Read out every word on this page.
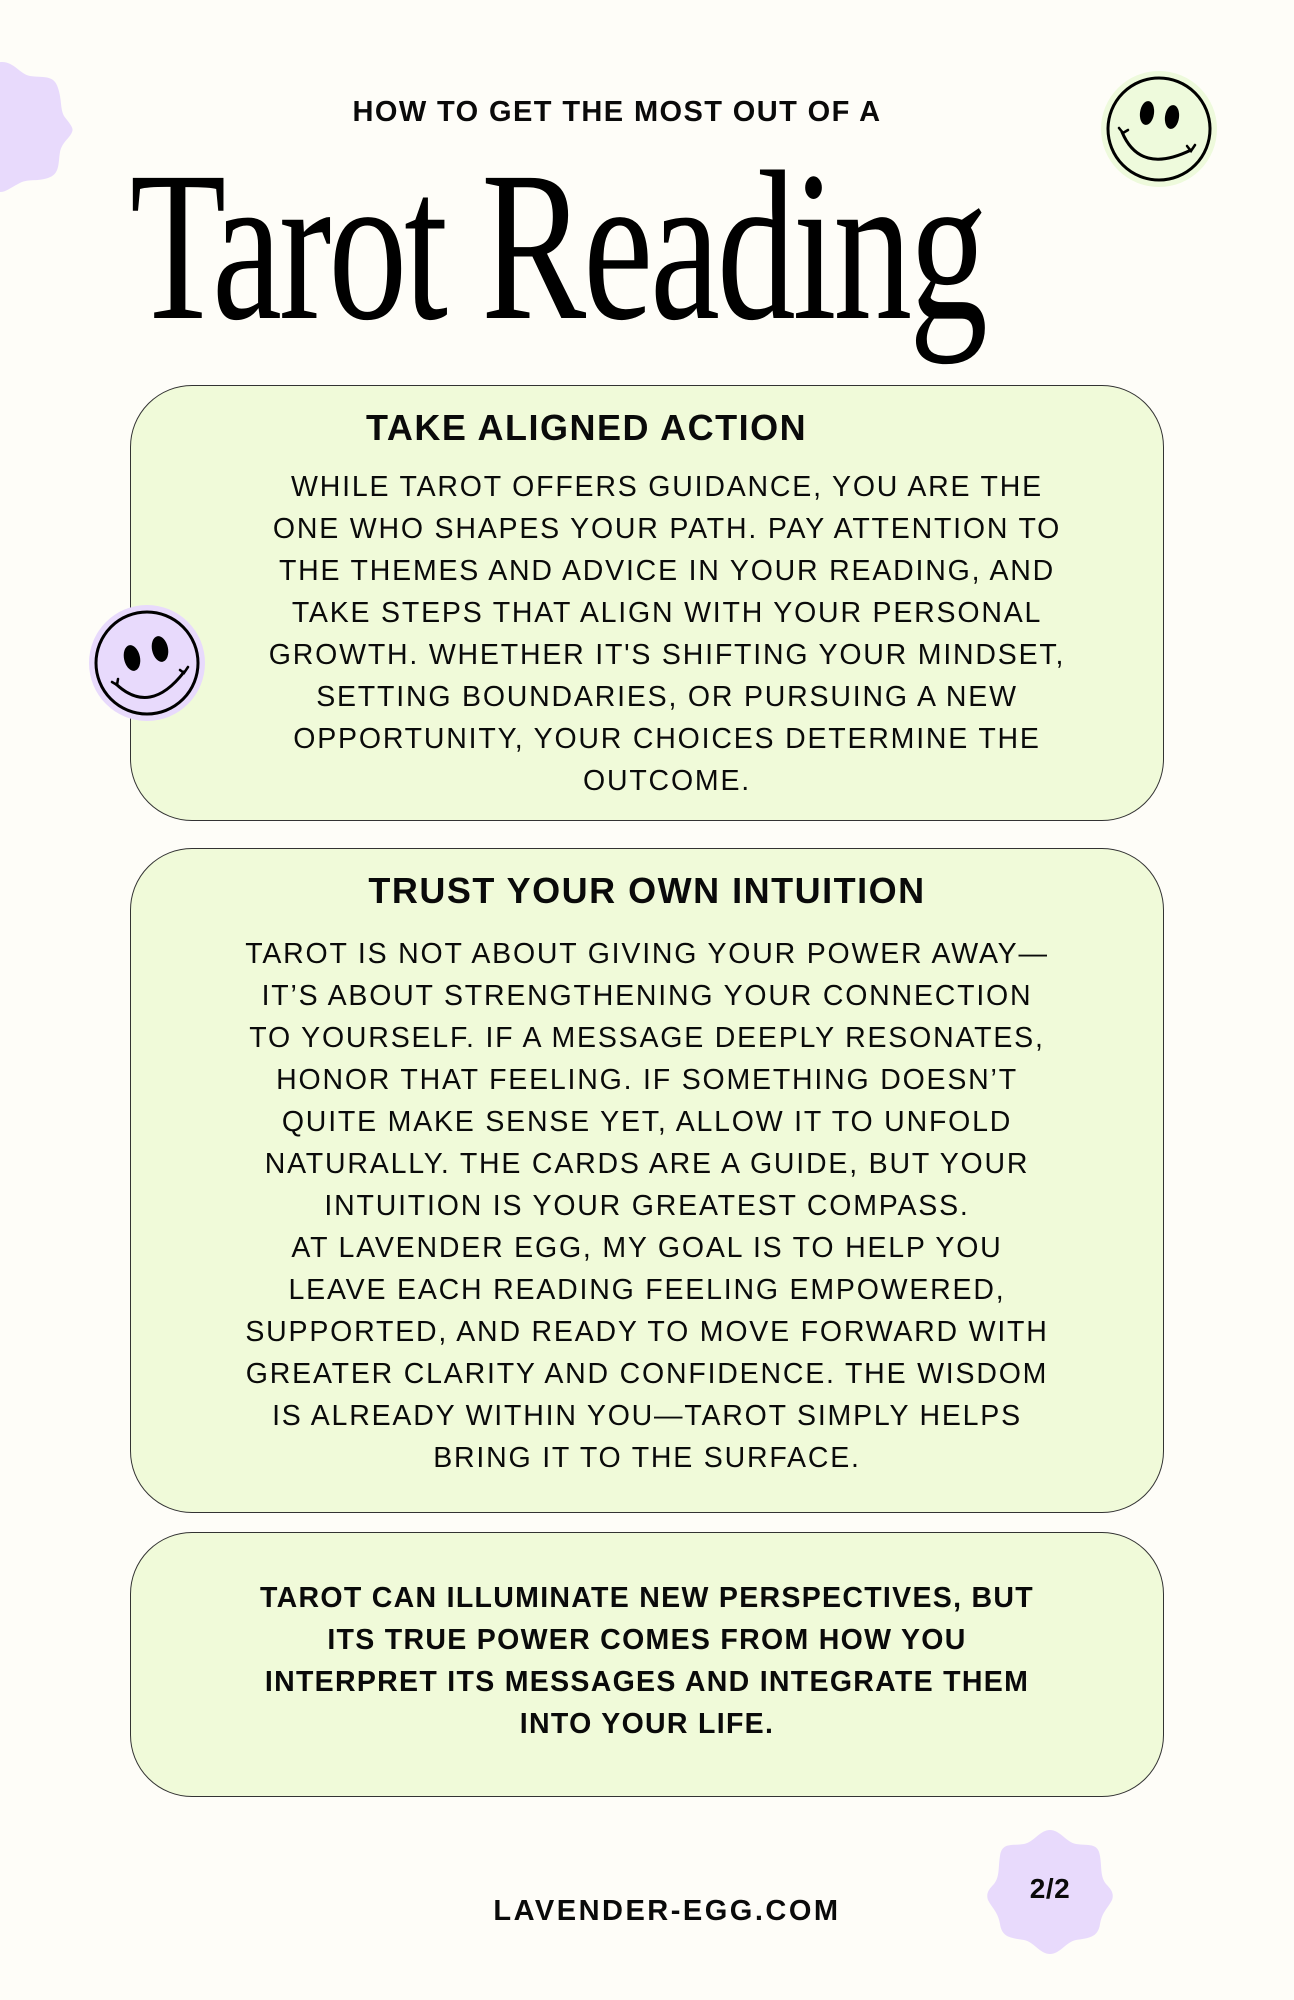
HOW TO GET THE MOST OUT OF A
Tarot Reading
TAKE ALIGNED ACTION
WHILE TAROT OFFERS GUIDANCE, YOU ARE THE
ONE WHO SHAPES YOUR PATH. PAY ATTENTION TO
THE THEMES AND ADVICE IN YOUR READING, AND
TAKE STEPS THAT ALIGN WITH YOUR PERSONAL
GROWTH. WHETHER IT'S SHIFTING YOUR MINDSET,
SETTING BOUNDARIES, OR PURSUING A NEW
OPPORTUNITY, YOUR CHOICES DETERMINE THE
OUTCOME.
TRUST YOUR OWN INTUITION
TAROT IS NOT ABOUT GIVING YOUR POWER AWAY—
IT’S ABOUT STRENGTHENING YOUR CONNECTION
TO YOURSELF. IF A MESSAGE DEEPLY RESONATES,
HONOR THAT FEELING. IF SOMETHING DOESN’T
QUITE MAKE SENSE YET, ALLOW IT TO UNFOLD
NATURALLY. THE CARDS ARE A GUIDE, BUT YOUR
INTUITION IS YOUR GREATEST COMPASS.
AT LAVENDER EGG, MY GOAL IS TO HELP YOU
LEAVE EACH READING FEELING EMPOWERED,
SUPPORTED, AND READY TO MOVE FORWARD WITH
GREATER CLARITY AND CONFIDENCE. THE WISDOM
IS ALREADY WITHIN YOU—TAROT SIMPLY HELPS
BRING IT TO THE SURFACE.
TAROT CAN ILLUMINATE NEW PERSPECTIVES, BUT
ITS TRUE POWER COMES FROM HOW YOU
INTERPRET ITS MESSAGES AND INTEGRATE THEM
INTO YOUR LIFE.
LAVENDER-EGG.COM
2/2
